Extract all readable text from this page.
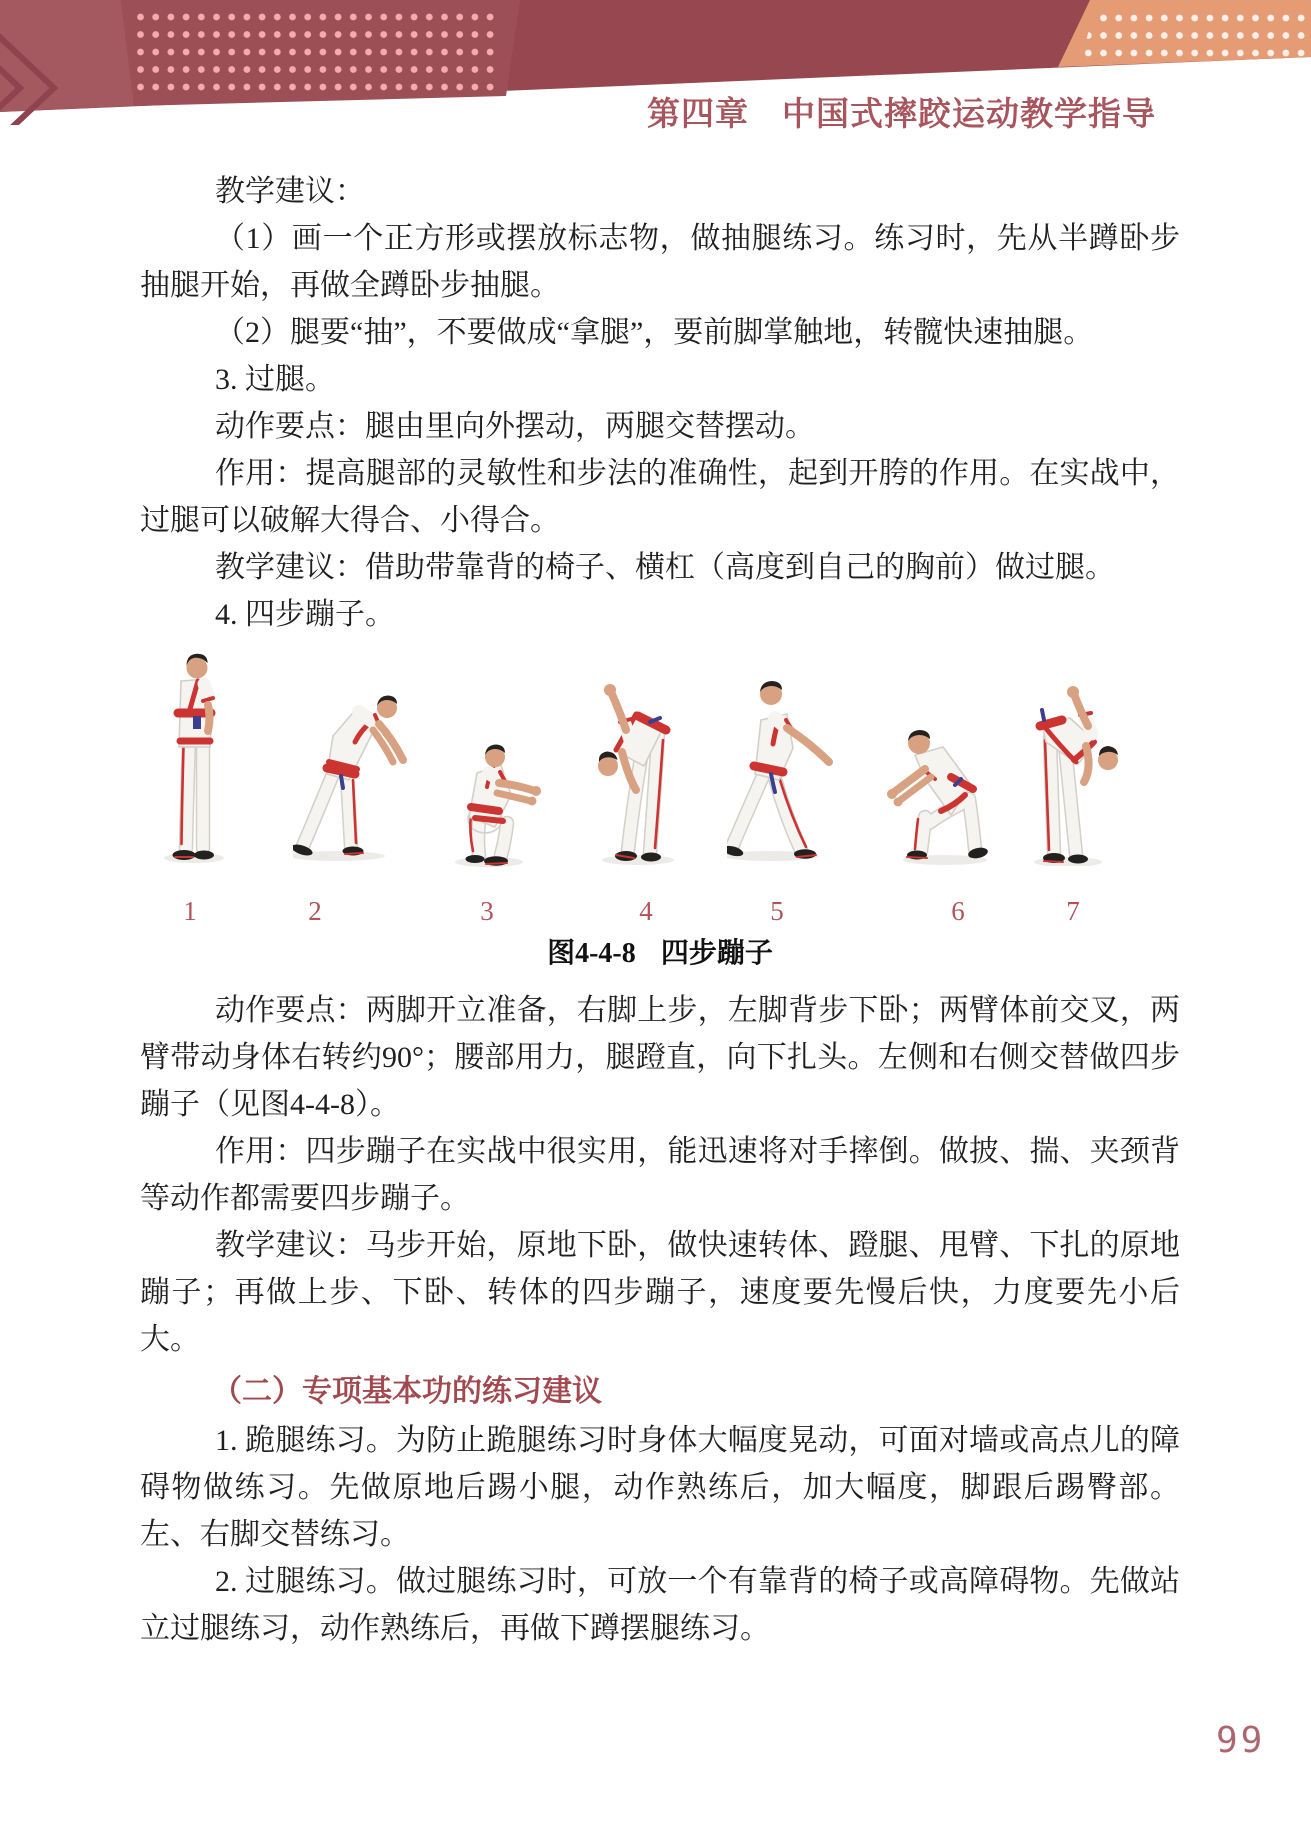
第四章 中国式摔跤运动教学指导

教学建议：

（1）画一个正方形或摆放标志物，做抽腿练习。练习时，先从半蹲卧步抽腿开始，再做全蹲卧步抽腿。

（2）腿要“抽”，不要做成“拿腿”，要前脚掌触地，转髋快速抽腿。

3. 过腿。

动作要点：腿由里向外摆动，两腿交替摆动。

作用：提高腿部的灵敏性和步法的准确性，起到开胯的作用。在实战中，过腿可以破解大得合、小得合。

教学建议：借助带靠背的椅子、横杠（高度到自己的胸前）做过腿。

4. 四步蹦子。

1	2	3	4	5	6	7
图4-4-8 四步蹦子

动作要点：两脚开立准备，右脚上步，左脚背步下卧；两臂体前交叉，两臂带动身体右转约90°；腰部用力，腿蹬直，向下扎头。左侧和右侧交替做四步蹦子（见图4-4-8）。

作用：四步蹦子在实战中很实用，能迅速将对手摔倒。做披、揣、夹颈背等动作都需要四步蹦子。

教学建议：马步开始，原地下卧，做快速转体、蹬腿、甩臂、下扎的原地蹦子；再做上步、下卧、转体的四步蹦子，速度要先慢后快，力度要先小后大。

（二）专项基本功的练习建议

1. 跪腿练习。为防止跪腿练习时身体大幅度晃动，可面对墙或高点儿的障碍物做练习。先做原地后踢小腿，动作熟练后，加大幅度，脚跟后踢臀部。左、右脚交替练习。

2. 过腿练习。做过腿练习时，可放一个有靠背的椅子或高障碍物。先做站立过腿练习，动作熟练后，再做下蹲摆腿练习。

99
